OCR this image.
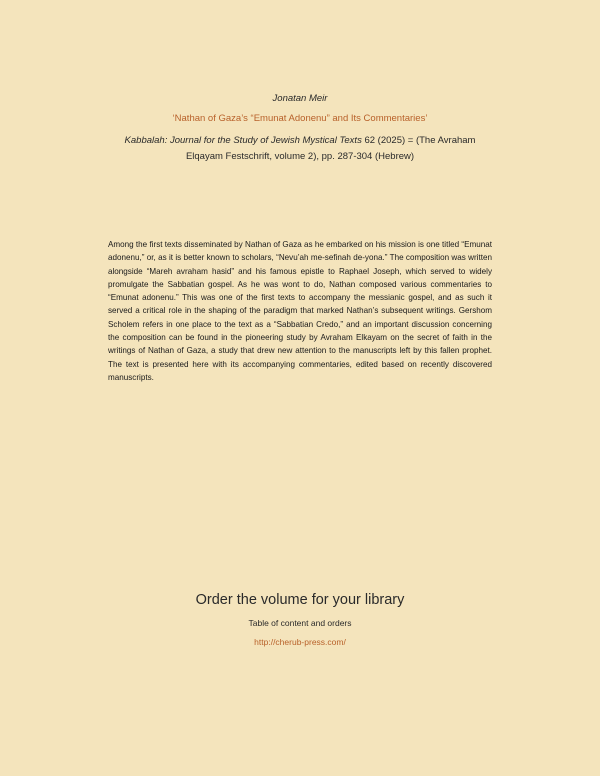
Jonatan Meir
‘Nathan of Gaza’s “Emunat Adonenu” and Its Commentaries’
Kabbalah: Journal for the Study of Jewish Mystical Texts 62 (2025) = (The Avraham Elqayam Festschrift, volume 2), pp. 287-304 (Hebrew)
Among the first texts disseminated by Nathan of Gaza as he embarked on his mission is one titled “Emunat adonenu,” or, as it is better known to scholars, “Nevu’ah me-sefinah de-yona.” The composition was written alongside “Mareh avraham hasid” and his famous epistle to Raphael Joseph, which served to widely promulgate the Sabbatian gospel. As he was wont to do, Nathan composed various commentaries to “Emunat adonenu.” This was one of the first texts to accompany the messianic gospel, and as such it served a critical role in the shaping of the paradigm that marked Nathan’s subsequent writings. Gershom Scholem refers in one place to the text as a “Sabbatian Credo,” and an important discussion concerning the composition can be found in the pioneering study by Avraham Elkayam on the secret of faith in the writings of Nathan of Gaza, a study that drew new attention to the manuscripts left by this fallen prophet. The text is presented here with its accompanying commentaries, edited based on recently discovered manuscripts.
Order the volume for your library
Table of content and orders
http://cherub-press.com/
